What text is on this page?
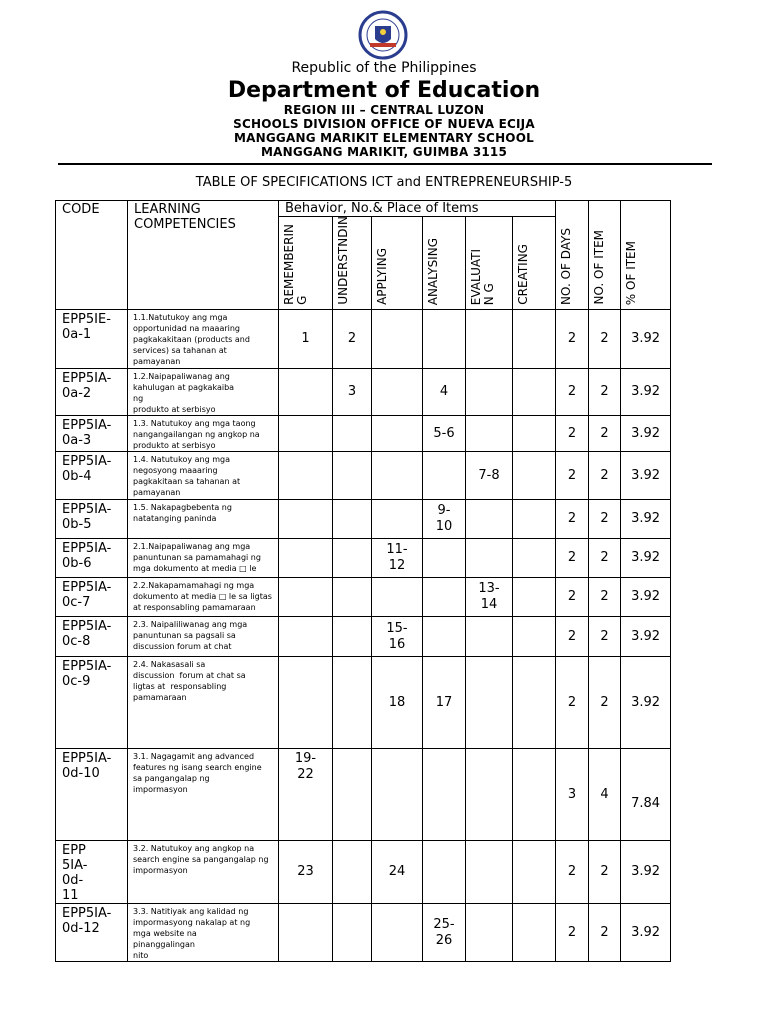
Republic of the Philippines
Department of Education
REGION III – CENTRAL LUZON
SCHOOLS DIVISION OFFICE OF NUEVA ECIJA
MANGGANG MARIKIT ELEMENTARY SCHOOL
MANGGANG MARIKIT, GUIMBA 3115
TABLE OF SPECIFICATIONS ICT and ENTREPRENEURSHIP-5
CODE	LEARNING
COMPETENCIES	Behavior, No.& Place of Items						NO. OF DAYS	NO. OF ITEM	% OF ITEM

		REMEMBERIN
G	UNDERSTNDIN	APPLYING	ANALYSING	EVALUATI
N G	CREATING			

EPP5IE-
0a-1	1.1.Natutukoy ang mga
opportunidad na maaaring
pagkakakitaan (products and
services) sa tahanan at
pamayanan	1	2					2	2	3.92
EPP5IA-
0a-2	1.2.Naipapaliwanag ang
kahulugan at pagkakaiba
ng
produkto at serbisyo		3		4			2	2	3.92
EPP5IA-
0a-3	1.3. Natutukoy ang mga taong
nangangailangan ng angkop na
produkto at serbisyo				5-6			2	2	3.92
EPP5IA-
0b-4	1.4. Natutukoy ang mga
negosyong maaaring
pagkakitaan sa tahanan at
pamayanan					7-8		2	2	3.92
EPP5IA-
0b-5	1.5. Nakapagbebenta ng
natatanging paninda				9-
10			2	2	3.92
EPP5IA-
0b-6	2.1.Naipapaliwanag ang mga
panuntunan sa pamamahagi ng
mga dokumento at media □ le			11-
12				2	2	3.92
EPP5IA-
0c-7	2.2.Nakapamamahagi ng mga
dokumento at media □ le sa ligtas
at responsabling pamamaraan					13-
14		2	2	3.92
EPP5IA-
0c-8	2.3. Naipaliliwanag ang mga
panuntunan sa pagsali sa
discussion forum at chat			15-
16				2	2	3.92
EPP5IA-
0c-9	2.4. Nakasasali sa
discussion  forum at chat sa
ligtas at  responsabling
pamamaraan			18	17			2	2	3.92
EPP5IA-
0d-10	3.1. Nagagamit ang advanced
features ng isang search engine
sa pangangalap ng
impormasyon	19-
22						3	4	7.84
EPP
5IA-
0d-
11	3.2. Natutukoy ang angkop na
search engine sa pangangalap ng
impormasyon	23		24				2	2	3.92
EPP5IA-
0d-12	3.3. Natitiyak ang kalidad ng
impormasyong nakalap at ng
mga website na
pinanggalingan
nito				25-
26			2	2	3.92
